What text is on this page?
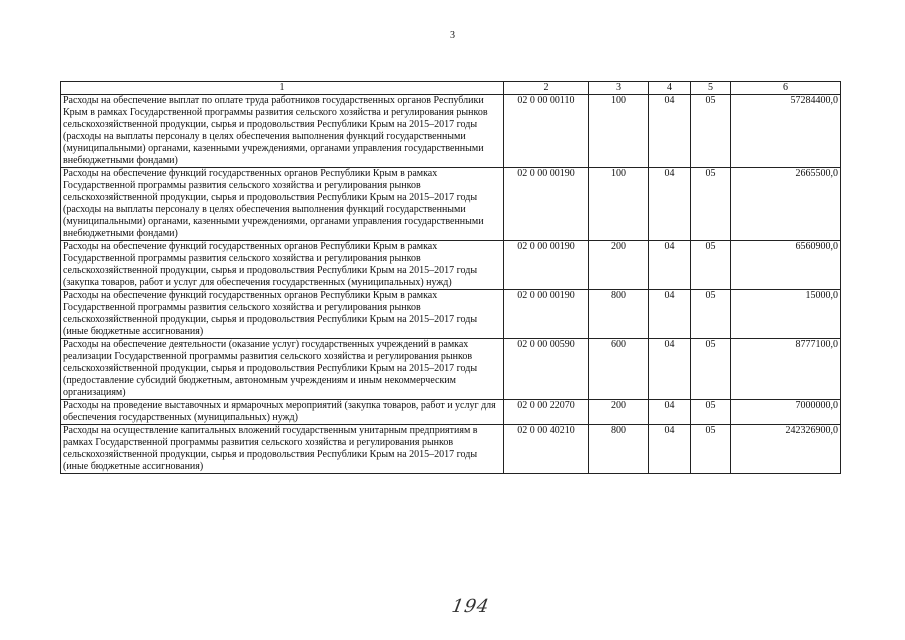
3
1	2	3	4	5	6
Расходы на обеспечение выплат по оплате труда работников государственных органов Республики Крым в рамках Государственной программы развития сельского хозяйства и регулирования рынков сельскохозяйственной продукции, сырья и продовольствия Республики Крым на 2015–2017 годы (расходы на выплаты персоналу в целях обеспечения выполнения функций государственными (муниципальными) органами, казенными учреждениями, органами управления государственными внебюджетными фондами)	02 0 00 00110	100	04	05	57284400,0
Расходы на обеспечение функций государственных органов Республики Крым в рамках Государственной программы развития сельского хозяйства и регулирования рынков сельскохозяйственной продукции, сырья и продовольствия Республики Крым на 2015–2017 годы (расходы на выплаты персоналу в целях обеспечения выполнения функций государственными (муниципальными) органами, казенными учреждениями, органами управления государственными внебюджетными фондами)	02 0 00 00190	100	04	05	2665500,0
Расходы на обеспечение функций государственных органов Республики Крым в рамках Государственной программы развития сельского хозяйства и регулирования рынков сельскохозяйственной продукции, сырья и продовольствия Республики Крым на 2015–2017 годы (закупка товаров, работ и услуг для обеспечения государственных (муниципальных) нужд)	02 0 00 00190	200	04	05	6560900,0
Расходы на обеспечение функций государственных органов Республики Крым в рамках Государственной программы развития сельского хозяйства и регулирования рынков сельскохозяйственной продукции, сырья и продовольствия Республики Крым на 2015–2017 годы (иные бюджетные ассигнования)	02 0 00 00190	800	04	05	15000,0
Расходы на обеспечение деятельности (оказание услуг) государственных учреждений в рамках реализации Государственной программы развития сельского хозяйства и регулирования рынков сельскохозяйственной продукции, сырья и продовольствия Республики Крым на 2015–2017 годы (предоставление субсидий бюджетным, автономным учреждениям и иным некоммерческим организациям)	02 0 00 00590	600	04	05	8777100,0
Расходы на проведение выставочных и ярмарочных мероприятий (закупка товаров, работ и услуг для обеспечения государственных (муниципальных) нужд)	02 0 00 22070	200	04	05	7000000,0
Расходы на осуществление капитальных вложений государственным унитарным предприятиям в рамках Государственной программы развития сельского хозяйства и регулирования рынков сельскохозяйственной продукции, сырья и продовольствия Республики Крым на 2015–2017 годы (иные бюджетные ассигнования)	02 0 00 40210	800	04	05	242326900,0
194
